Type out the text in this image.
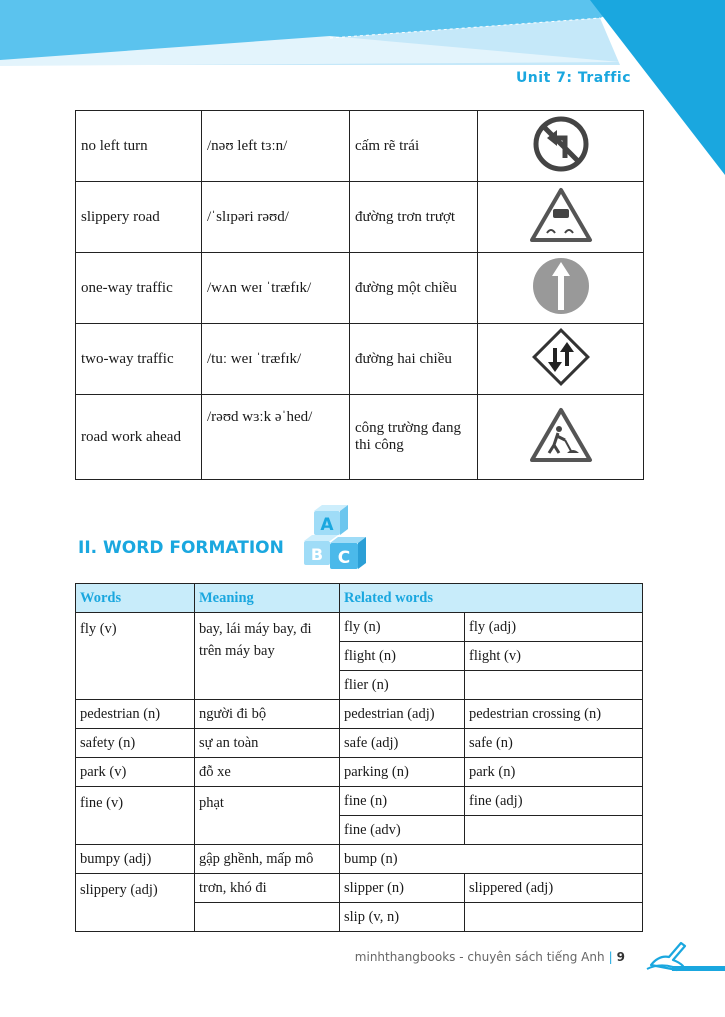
Unit 7: Traffic
no left turn	/nəʊ left tɜːn/	cấm rẽ trái	
slippery road	/ˈslɪpəri rəʊd/	đường trơn trượt	
one-way traffic	/wʌn weɪ ˈtræfɪk/	đường một chiều	
two-way traffic	/tuː weɪ ˈtræfɪk/	đường hai chiều	
road work ahead	/rəʊd wɜːk əˈhed/	công trường đang thi công	
II. WORD FORMATION
A
B C
Words	Meaning	Related words	
fly (v)	bay, lái máy bay, đi trên máy bay	fly (n)	fly (adj)
		flight (n)	flight (v)
		flier (n)	
pedestrian (n)	người đi bộ	pedestrian (adj)	pedestrian crossing (n)
safety (n)	sự an toàn	safe (adj)	safe (n)
park (v)	đỗ xe	parking (n)	park (n)
fine (v)	phạt	fine (n)	fine (adj)
		fine (adv)	
bumpy (adj)	gập ghềnh, mấp mô	bump (n)	
slippery (adj)	trơn, khó đi	slipper (n)	slippered (adj)
		slip (v, n)	
minhthangbooks - chuyên sách tiếng Anh | 9
